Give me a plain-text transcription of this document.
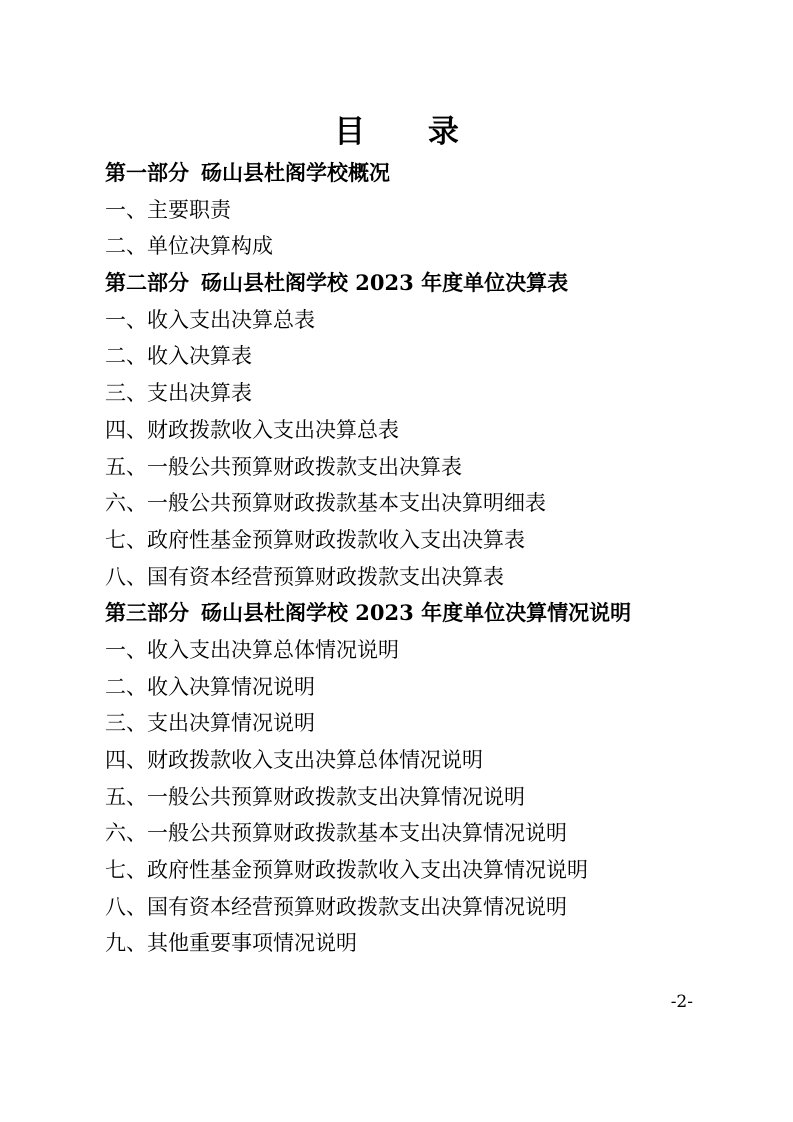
目 录
第一部分 砀山县杜阁学校概况
一、主要职责
二、单位决算构成
第二部分 砀山县杜阁学校 2023 年度单位决算表
一、收入支出决算总表
二、收入决算表
三、支出决算表
四、财政拨款收入支出决算总表
五、一般公共预算财政拨款支出决算表
六、一般公共预算财政拨款基本支出决算明细表
七、政府性基金预算财政拨款收入支出决算表
八、国有资本经营预算财政拨款支出决算表
第三部分 砀山县杜阁学校 2023 年度单位决算情况说明
一、收入支出决算总体情况说明
二、收入决算情况说明
三、支出决算情况说明
四、财政拨款收入支出决算总体情况说明
五、一般公共预算财政拨款支出决算情况说明
六、一般公共预算财政拨款基本支出决算情况说明
七、政府性基金预算财政拨款收入支出决算情况说明
八、国有资本经营预算财政拨款支出决算情况说明
九、其他重要事项情况说明
-2-
